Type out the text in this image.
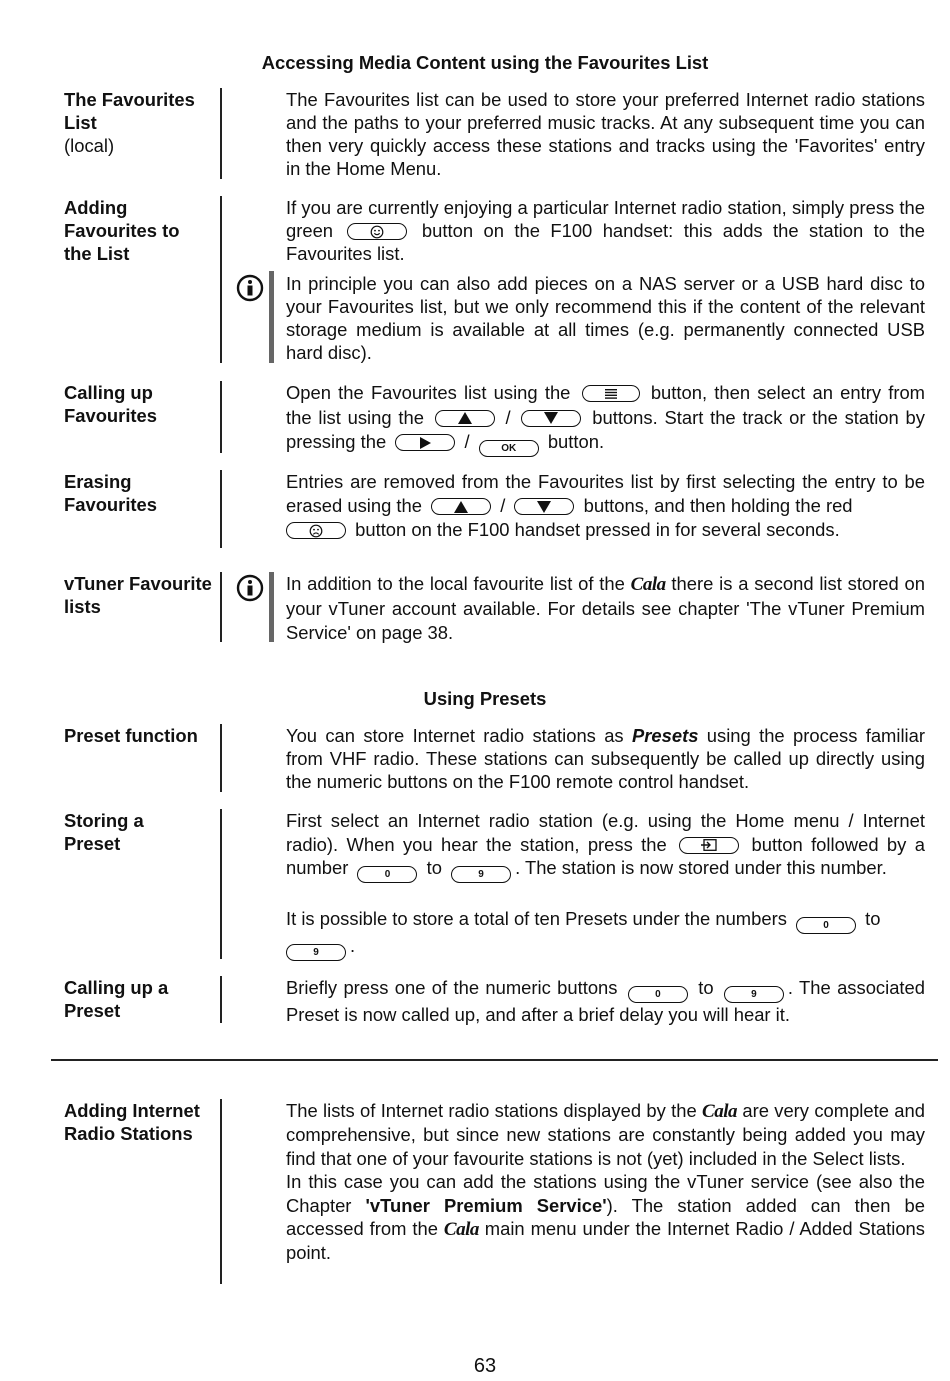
Accessing Media Content using the Favourites List
The Favourites List
(local)

The Favourites list can be used to store your preferred Internet radio stations and the paths to your preferred music tracks. At any subsequent time you can then very quickly access these stations and tracks using the 'Favorites' entry in the Home Menu.

Adding Favourites to the List

If you are currently enjoying a particular Internet radio station, simply press the green	button on the F100 handset: this adds the station to the Favourites list.

In principle you can also add pieces on a NAS server or a USB hard disc to your Favourites list, but we only recommend this if the content of the relevant storage medium is available at all times (e.g. permanently connected USB hard disc).

Calling up Favourites

Open the Favourites list using the	button, then select an entry from the list using the	/	buttons. Start the track or the station by pressing the	/	OK button.

Erasing Favourites

Entries are removed from the Favourites list by first selecting the entry to be erased using the	/	buttons, and then holding the red

button on the F100 handset pressed in for several seconds.

vTuner Favourite lists

In addition to the local favourite list of the Cala there is a second list stored on your vTuner account available. For details see chapter 'The vTuner Premium Service' on page 38.

Using Presets
Preset function	You can store Internet radio stations as Presets using the process familiar from VHF radio. These stations can subsequently be called up directly using the numeric buttons on the F100 remote control handset.

Storing a Preset

First select an Internet radio station (e.g. using the Home menu / Internet radio). When you hear the station, press the	button followed by a number	0 to	9 . The station is now stored under this number.

It is possible to store a total of ten Presets under the numbers	0 to
9 .

Calling up a Preset

Briefly press one of the numeric buttons	0 to	9 . The associated Preset is now called up, and after a brief delay you will hear it.

Adding Internet Radio Stations

The lists of Internet radio stations displayed by the Cala are very complete and comprehensive, but since new stations are constantly being added you may find that one of your favourite stations is not (yet) included in the Select lists.

In this case you can add the stations using the vTuner service (see also the Chapter 'vTuner Premium Service'). The station added can then be accessed from the Cala main menu under the Internet Radio / Added Stations point.

63
